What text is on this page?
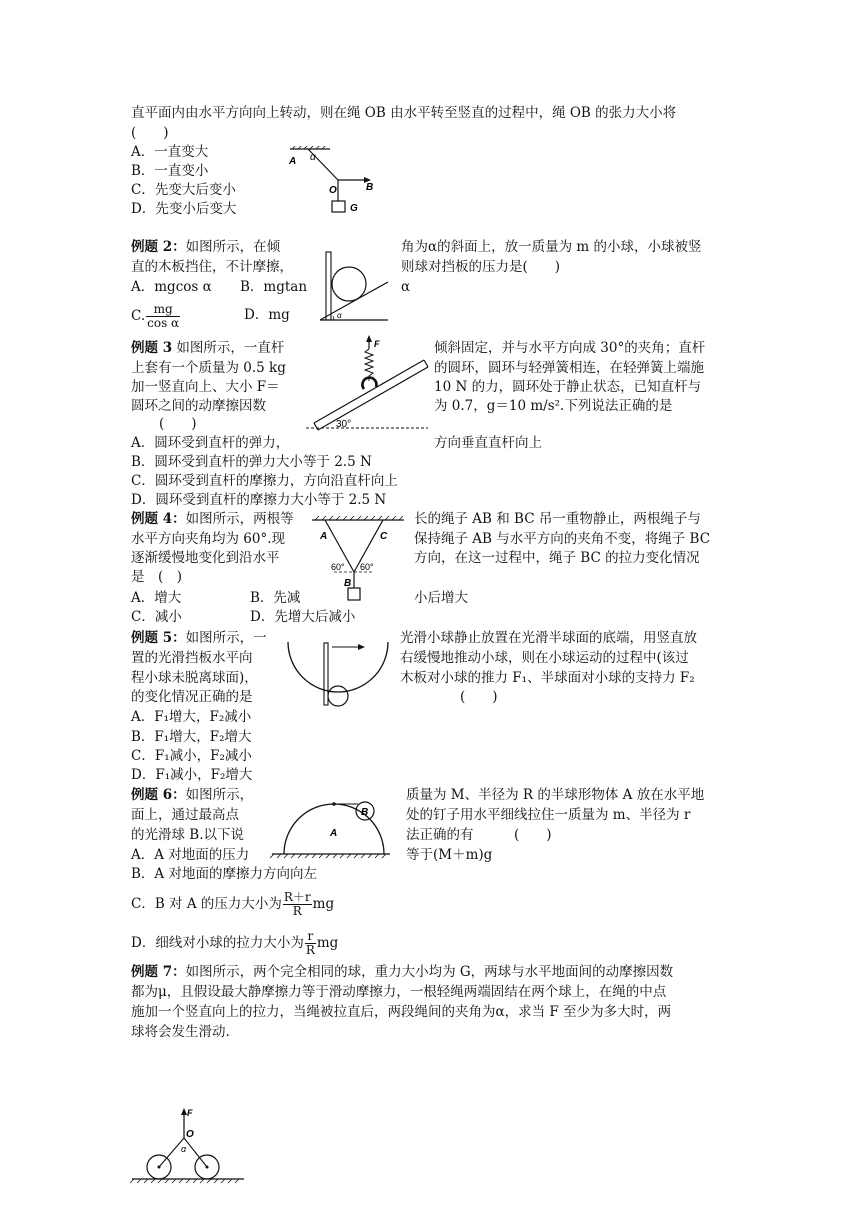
直平面内由水平方向向上转动，则在绳 OB 由水平转至竖直的过程中，绳 OB 的张力大小将
(　　)
A．一直变大
B．一直变小
C．先变大后变小
D．先变小后变大
A α
O	B
G
例题 2：如图所示，在倾	角为α的斜面上，放一质量为 m 的小球，小球被竖
直的木板挡住，不计摩擦，	则球对挡板的压力是(　　)
A．mgcos α B．mgtan	α
C. $\frac{mg}{\text{cos α}}$	D．mg	α
例题 3 如图所示，一直杆	倾斜固定，并与水平方向成 30°的夹角；直杆
上套有一个质量为 0.5 kg	的圆环，圆环与轻弹簧相连，在轻弹簧上端施
加一竖直向上、大小 F＝	10 N 的力，圆环处于静止状态，已知直杆与
圆环之间的动摩擦因数	为 0.7，g＝10 m/s².下列说法正确的是
(　　)
A．圆环受到直杆的弹力，	方向垂直直杆向上
B．圆环受到直杆的弹力大小等于 2.5 N
C．圆环受到直杆的摩擦力，方向沿直杆向上
D．圆环受到直杆的摩擦力大小等于 2.5 N
F
30°
例题 4：如图所示，两根等	长的绳子 AB 和 BC 吊一重物静止，两根绳子与
水平方向夹角均为 60°.现	保持绳子 AB 与水平方向的夹角不变，将绳子 BC
逐渐缓慢地变化到沿水平	方向，在这一过程中，绳子 BC 的拉力变化情况
是　(　)
A．增大	B．先减	小后增大
C．减小	D．先增大后减小
A	C
B
60° 60°
例题 5：如图所示，一	光滑小球静止放置在光滑半球面的底端，用竖直放
置的光滑挡板水平向	右缓慢地推动小球，则在小球运动的过程中(该过
程小球未脱离球面)，	木板对小球的推力 F₁、半球面对小球的支持力 F₂
的变化情况正确的是	(　　)
A．F₁增大，F₂减小
B．F₁增大，F₂增大
C．F₁减小，F₂减小
D．F₁减小，F₂增大
例题 6：如图所示，	质量为 M、半径为 R 的半球形物体 A 放在水平地
面上，通过最高点	处的钉子用水平细线拉住一质量为 m、半径为 r
的光滑球 B.以下说	法正确的有　　　(　　)
A．A 对地面的压力	等于(M＋m)g
B．A 对地面的摩擦力方向向左
C．B 对 A 的压力大小为 $\frac{R+r}{R}$ mg
D．细线对小球的拉力大小为 $\frac{r}{R}$ mg
B
A
例题 7：如图所示，两个完全相同的球，重力大小均为 G，两球与水平地面间的动摩擦因数
都为μ，且假设最大静摩擦力等于滑动摩擦力，一根轻绳两端固结在两个球上，在绳的中点
施加一个竖直向上的拉力，当绳被拉直后，两段绳间的夹角为α，求当 F 至少为多大时，两
球将会发生滑动.
F
O
α
